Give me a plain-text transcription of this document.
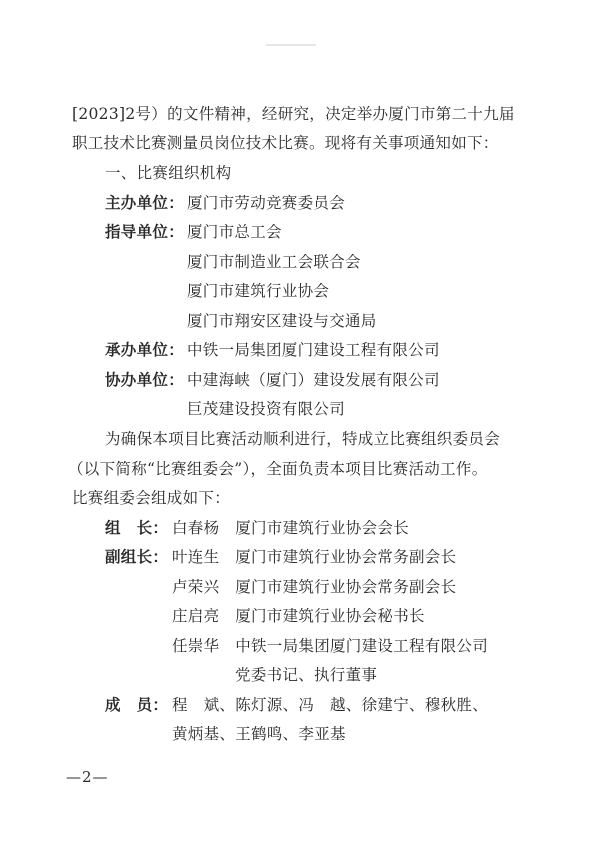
[2023]2号）的文件精神，经研究，决定举办厦门市第二十九届
职工技术比赛测量员岗位技术比赛。现将有关事项通知如下：
一、比赛组织机构
主办单位： 厦门市劳动竞赛委员会
指导单位： 厦门市总工会
厦门市制造业工会联合会
厦门市建筑行业协会
厦门市翔安区建设与交通局
承办单位： 中铁一局集团厦门建设工程有限公司
协办单位： 中建海峡（厦门）建设发展有限公司
巨茂建设投资有限公司
为确保本项目比赛活动顺利进行，特成立比赛组织委员会
（以下简称“比赛组委会”），全面负责本项目比赛活动工作。
比赛组委会组成如下：
组　长： 白春杨　厦门市建筑行业协会会长
副组长： 叶连生　厦门市建筑行业协会常务副会长
卢荣兴　厦门市建筑行业协会常务副会长
庄启亮　厦门市建筑行业协会秘书长
任崇华　中铁一局集团厦门建设工程有限公司
党委书记、执行董事
成　员： 程　斌、陈灯源、冯　越、徐建宁、穆秋胜、
黄炳基、王鹤鸣、李亚基
—2—
